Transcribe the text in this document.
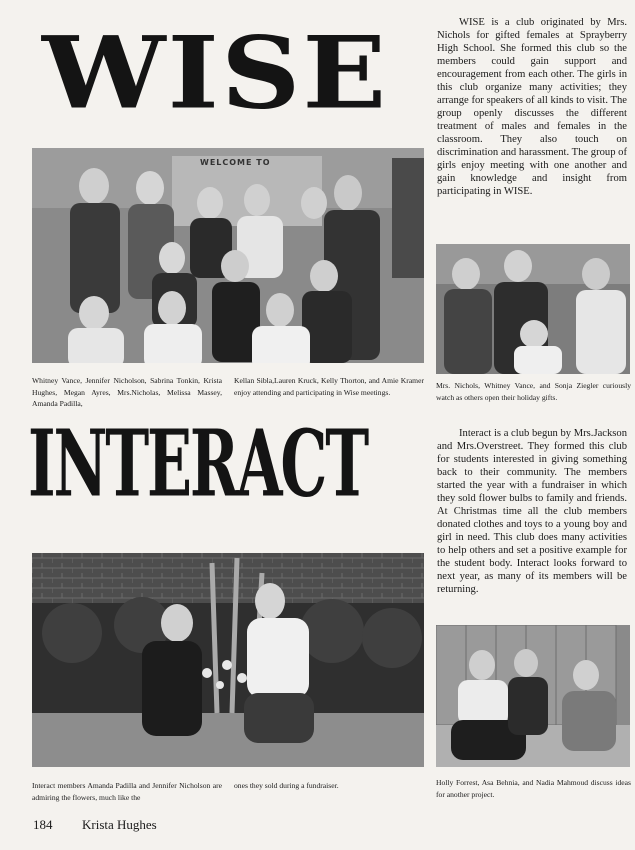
WISE	WISE is a club originated by Mrs. Nichols for gifted females at Sprayberry High School. She formed this club so the members could gain support and encouragement from each other. The girls in this club organize many activities; they arrange for speakers of all kinds to visit. The group openly discusses the different treatment of males and females in the classroom. They also touch on discrimination and harassment. The group of girls enjoy meeting with one another and gain knowledge and insight from participating in WISE.

WELCOME TO

Whitney Vance, Jennifer Nicholson, Sabrina Tonkin, Krista Hughes, Megan Ayres, Mrs.Nicholas, Melissa Massey, Amanda Padilla,

Kellan Sibla,Lauren Kruck, Kelly Thorton, and Amie Kramer enjoy attending and participating in Wise meetings.

Mrs. Nichols, Whitney Vance, and Sonja Ziegler curiously watch as others open their holiday gifts.

INTERACT	Interact is a club begun by Mrs.Jackson and Mrs.Overstreet. They formed this club for students interested in giving something back to their community. The members started the year with a fundraiser in which they sold flower bulbs to family and friends. At Christmas time all the club members donated clothes and toys to a young boy and girl in need. This club does many activities to help others and set a positive example for the student body. Interact looks forward to next year, as many of its members will be returning.

Interact members Amanda Padilla and Jennifer Nicholson are admiring the flowers, much like the

ones they sold during a fundraiser.	Holly Forrest, Asa Behnia, and Nadia Mahmoud discuss ideas for another project.

184 Krista Hughes
